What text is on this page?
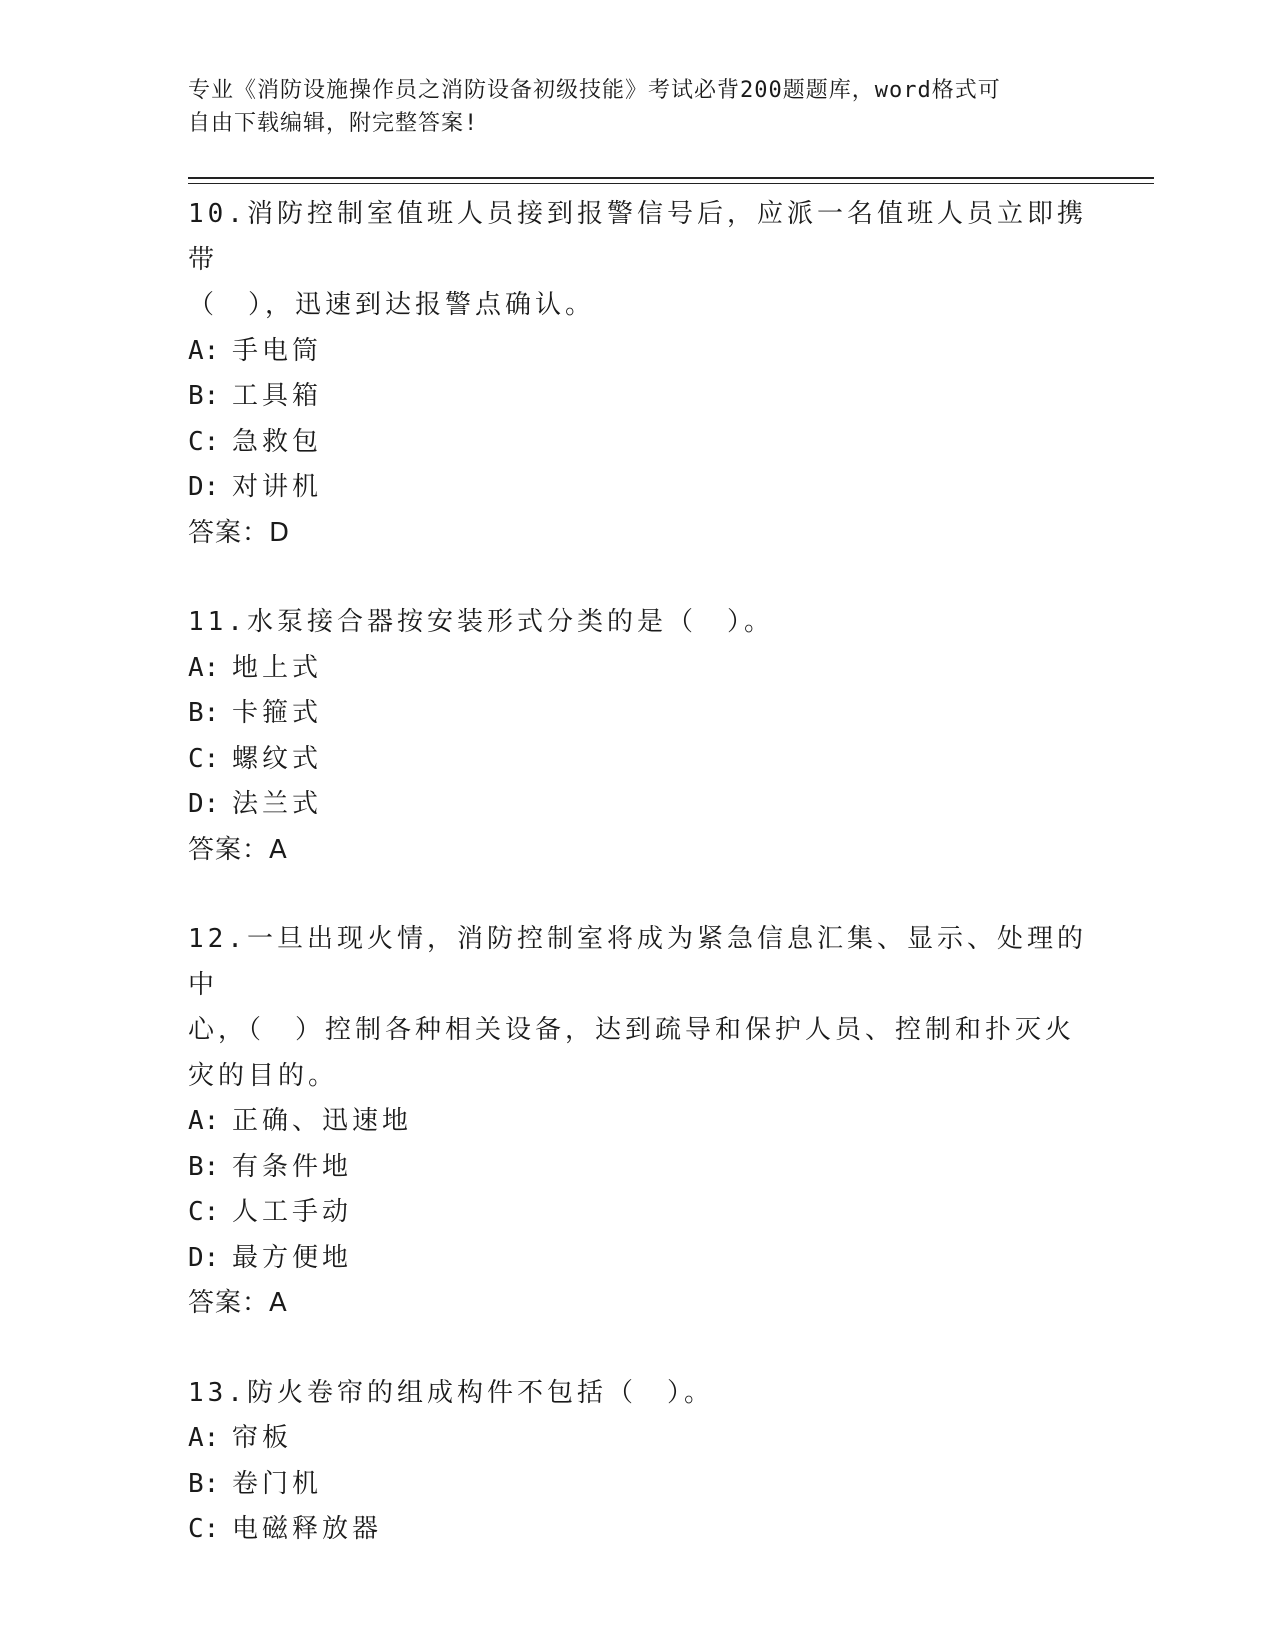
专业《消防设施操作员之消防设备初级技能》考试必背200题题库，word格式可
自由下载编辑，附完整答案!

10.消防控制室值班人员接到报警信号后，应派一名值班人员立即携带

（　），迅速到达报警点确认。

A: 手电筒

B: 工具箱

C: 急救包

D: 对讲机

答案：D

11.水泵接合器按安装形式分类的是（　）。

A: 地上式

B: 卡箍式

C: 螺纹式

D: 法兰式

答案：A

12.一旦出现火情，消防控制室将成为紧急信息汇集、显示、处理的中

心，（　）控制各种相关设备，达到疏导和保护人员、控制和扑灭火

灾的目的。

A: 正确、迅速地

B: 有条件地

C: 人工手动

D: 最方便地

答案：A

13.防火卷帘的组成构件不包括（　）。

A: 帘板

B: 卷门机

C: 电磁释放器
